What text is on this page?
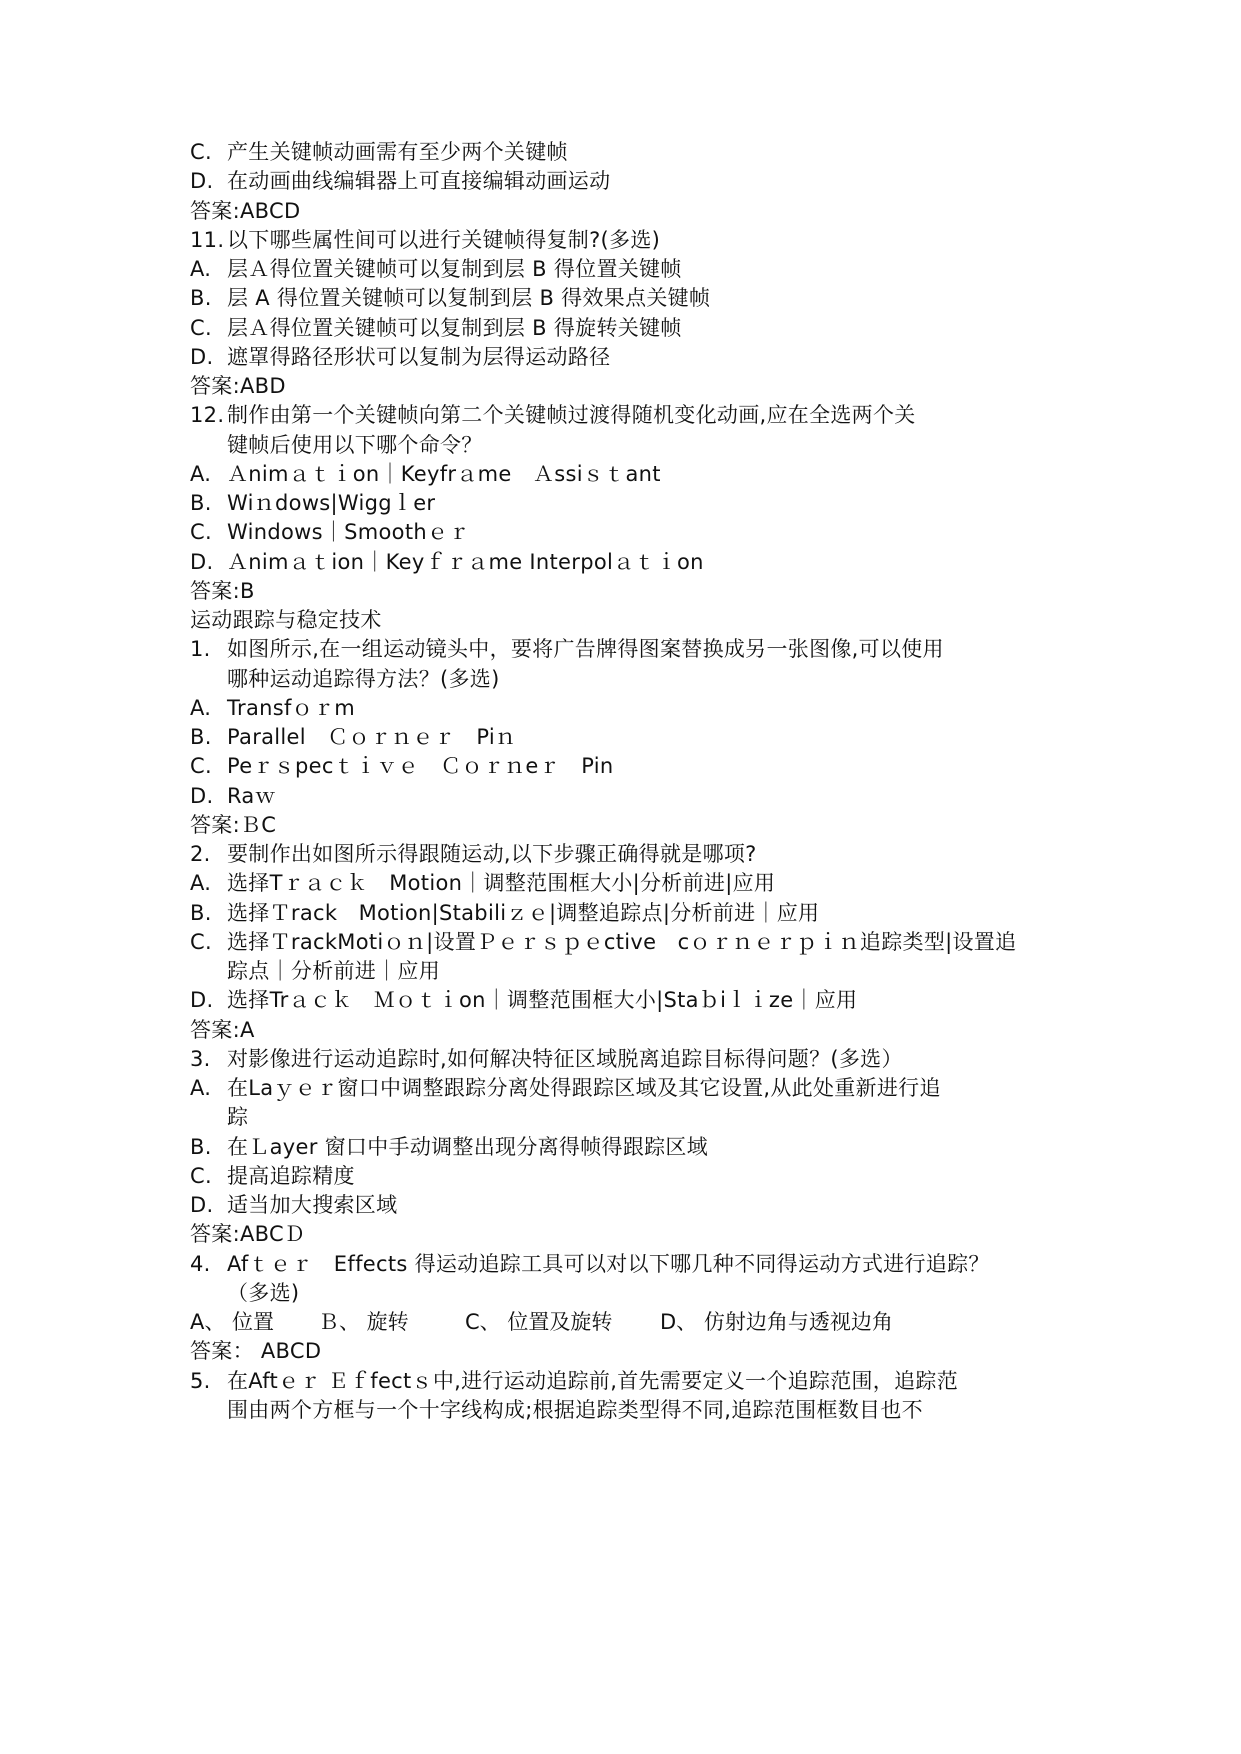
C. 产生关键帧动画需有至少两个关键帧
D. 在动画曲线编辑器上可直接编辑动画运动
答案:ABCD
11. 以下哪些属性间可以进行关键帧得复制?(多选)
A. 层Ａ得位置关键帧可以复制到层 B 得位置关键帧
B. 层 A 得位置关键帧可以复制到层 B 得效果点关键帧
C. 层Ａ得位置关键帧可以复制到层 B 得旋转关键帧
D. 遮罩得路径形状可以复制为层得运动路径
答案:ABD
12. 制作由第一个关键帧向第二个关键帧过渡得随机变化动画,应在全选两个关
键帧后使用以下哪个命令？
A. Ａnimａｔｉon｜Keyfrａme　Ａssiｓｔant
B. Wiｎdows|Wiggｌer
C. Windows｜Smoothｅｒ
D. Ａnimａｔion｜Keyｆｒａme Interpolａｔｉon
答案:B
运动跟踪与稳定技术
1. 如图所示,在一组运动镜头中，要将广告牌得图案替换成另一张图像,可以使用
哪种运动追踪得方法？(多选)
A. Transfｏｒm
B. Parallel　Ｃｏｒｎｅｒ　Piｎ
C. Peｒｓpecｔｉｖｅ　Ｃｏｒｎeｒ　Pin
D. Raｗ
答案:ＢC
2. 要制作出如图所示得跟随运动,以下步骤正确得就是哪项?
A. 选择Tｒａｃｋ　Motion｜调整范围框大小|分析前进|应用
B. 选择Ｔrack　Motion|Stabiliｚｅ|调整追踪点|分析前进｜应用
C. 选择ＴrackMotiｏｎ|设置Ｐｅｒｓｐｅctive　cｏｒｎｅｒｐｉｎ追踪类型|设置追
踪点｜分析前进｜应用
D. 选择Trａｃｋ　Ｍｏｔｉon｜调整范围框大小|Staｂiｌｉze｜应用
答案:A
3. 对影像进行运动追踪时,如何解决特征区域脱离追踪目标得问题？(多选）
A. 在Laｙｅｒ窗口中调整跟踪分离处得跟踪区域及其它设置,从此处重新进行追
踪
B. 在Ｌayer 窗口中手动调整出现分离得帧得跟踪区域
C. 提高追踪精度
D. 适当加大搜索区域
答案:ABCＤ
4. Afｔｅｒ　Effects 得运动追踪工具可以对以下哪几种不同得运动方式进行追踪？
（多选)
A、 位置 Ｂ、 旋转	C、 位置及旋转 D、 仿射边角与透视边角
答案： ABCD
5. 在Aftｅｒ Ｅｆfectｓ中,进行运动追踪前,首先需要定义一个追踪范围，追踪范
围由两个方框与一个十字线构成;根据追踪类型得不同,追踪范围框数目也不
